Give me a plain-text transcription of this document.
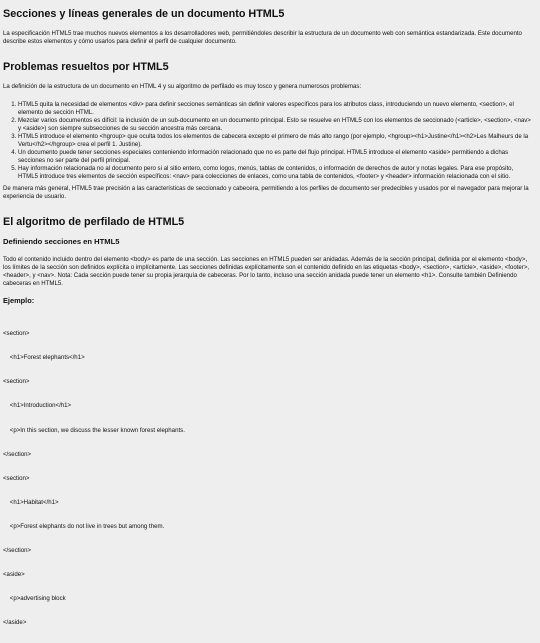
Secciones y líneas generales de un documento HTML5

La especificación HTML5 trae muchos nuevos elementos a los desarrolladores web, permitiéndoles describir la estructura de un documento web con semántica estandarizada. Este documento describe estos elementos y cómo usarlos para definir el perfil de cualquier documento.

Problemas resueltos por HTML5

La definición de la estructura de un documento en HTML 4 y su algoritmo de perfilado es muy tosco y genera numerosos problemas:

1. HTML5 quita la necesidad de elementos <div> para definir secciones semánticas sin definir valores específicos para los atributos class, introduciendo un nuevo elemento, <section>, el elemento de sección HTML.
2. Mezclar varios documentos es difícil: la inclusión de un sub-documento en un documento principal. Esto se resuelve en HTML5 con los elementos de seccionado (<article>, <section>, <nav> y <aside>) son siempre subsecciones de su sección ancestra más cercana.
3. HTML5 introduce el elemento <hgroup> que oculta todos los elementos de cabecera excepto el primero de más alto rango (por ejemplo, <hgroup><h1>Justine</h1><h2>Les Malheurs de la Vertu</h2></hgroup> crea el perfil 1. Justine).
4. Un documento puede tener secciones especiales conteniendo información relacionado que no es parte del flujo principal. HTML5 introduce el elemento <aside> permitiendo a dichas secciones no ser parte del perfil principal.
5. Hay información relacionada no al documento pero si al sitio entero, como logos, menús, tablas de contenidos, o información de derechos de autor y notas legales. Para ese propósito, HTML5 introduce tres elementos de sección específicos: <nav> para colecciones de enlaces, como una tabla de contenidos, <footer> y <header> información relacionada con el sitio.

De manera más general, HTML5 trae precisión a las características de seccionado y cabecera, permitiendo a los perfiles de documento ser predecibles y usados por el navegador para mejorar la experiencia de usuario.

El algoritmo de perfilado de HTML5
Definiendo secciones en HTML5

Todo el contenido incluido dentro del elemento <body> es parte de una sección. Las secciones en HTML5 pueden ser anidadas. Además de la sección principal, definida por el elemento <body>, los límites de la sección son definidos explícita o implícitamente. Las secciones definidas explícitamente son el contenido definido en las etiquetas <body>, <section>, <article>, <aside>, <footer>, <header>, y <nav>. Nota: Cada sección puede tener su propia jerarquía de cabeceras. Por lo tanto, incluso una sección anidada puede tener un elemento <h1>. Consulte también Definiendo cabeceras en HTML5.

Ejemplo:

<section>

<h1>Forest elephants</h1>

<section>

<h1>Introduction</h1>

<p>In this section, we discuss the lesser known forest elephants.

</section>

<section>

<h1>Habitat</h1>

<p>Forest elephants do not live in trees but among them.

</section>

<aside>

<p>advertising block

</aside>
